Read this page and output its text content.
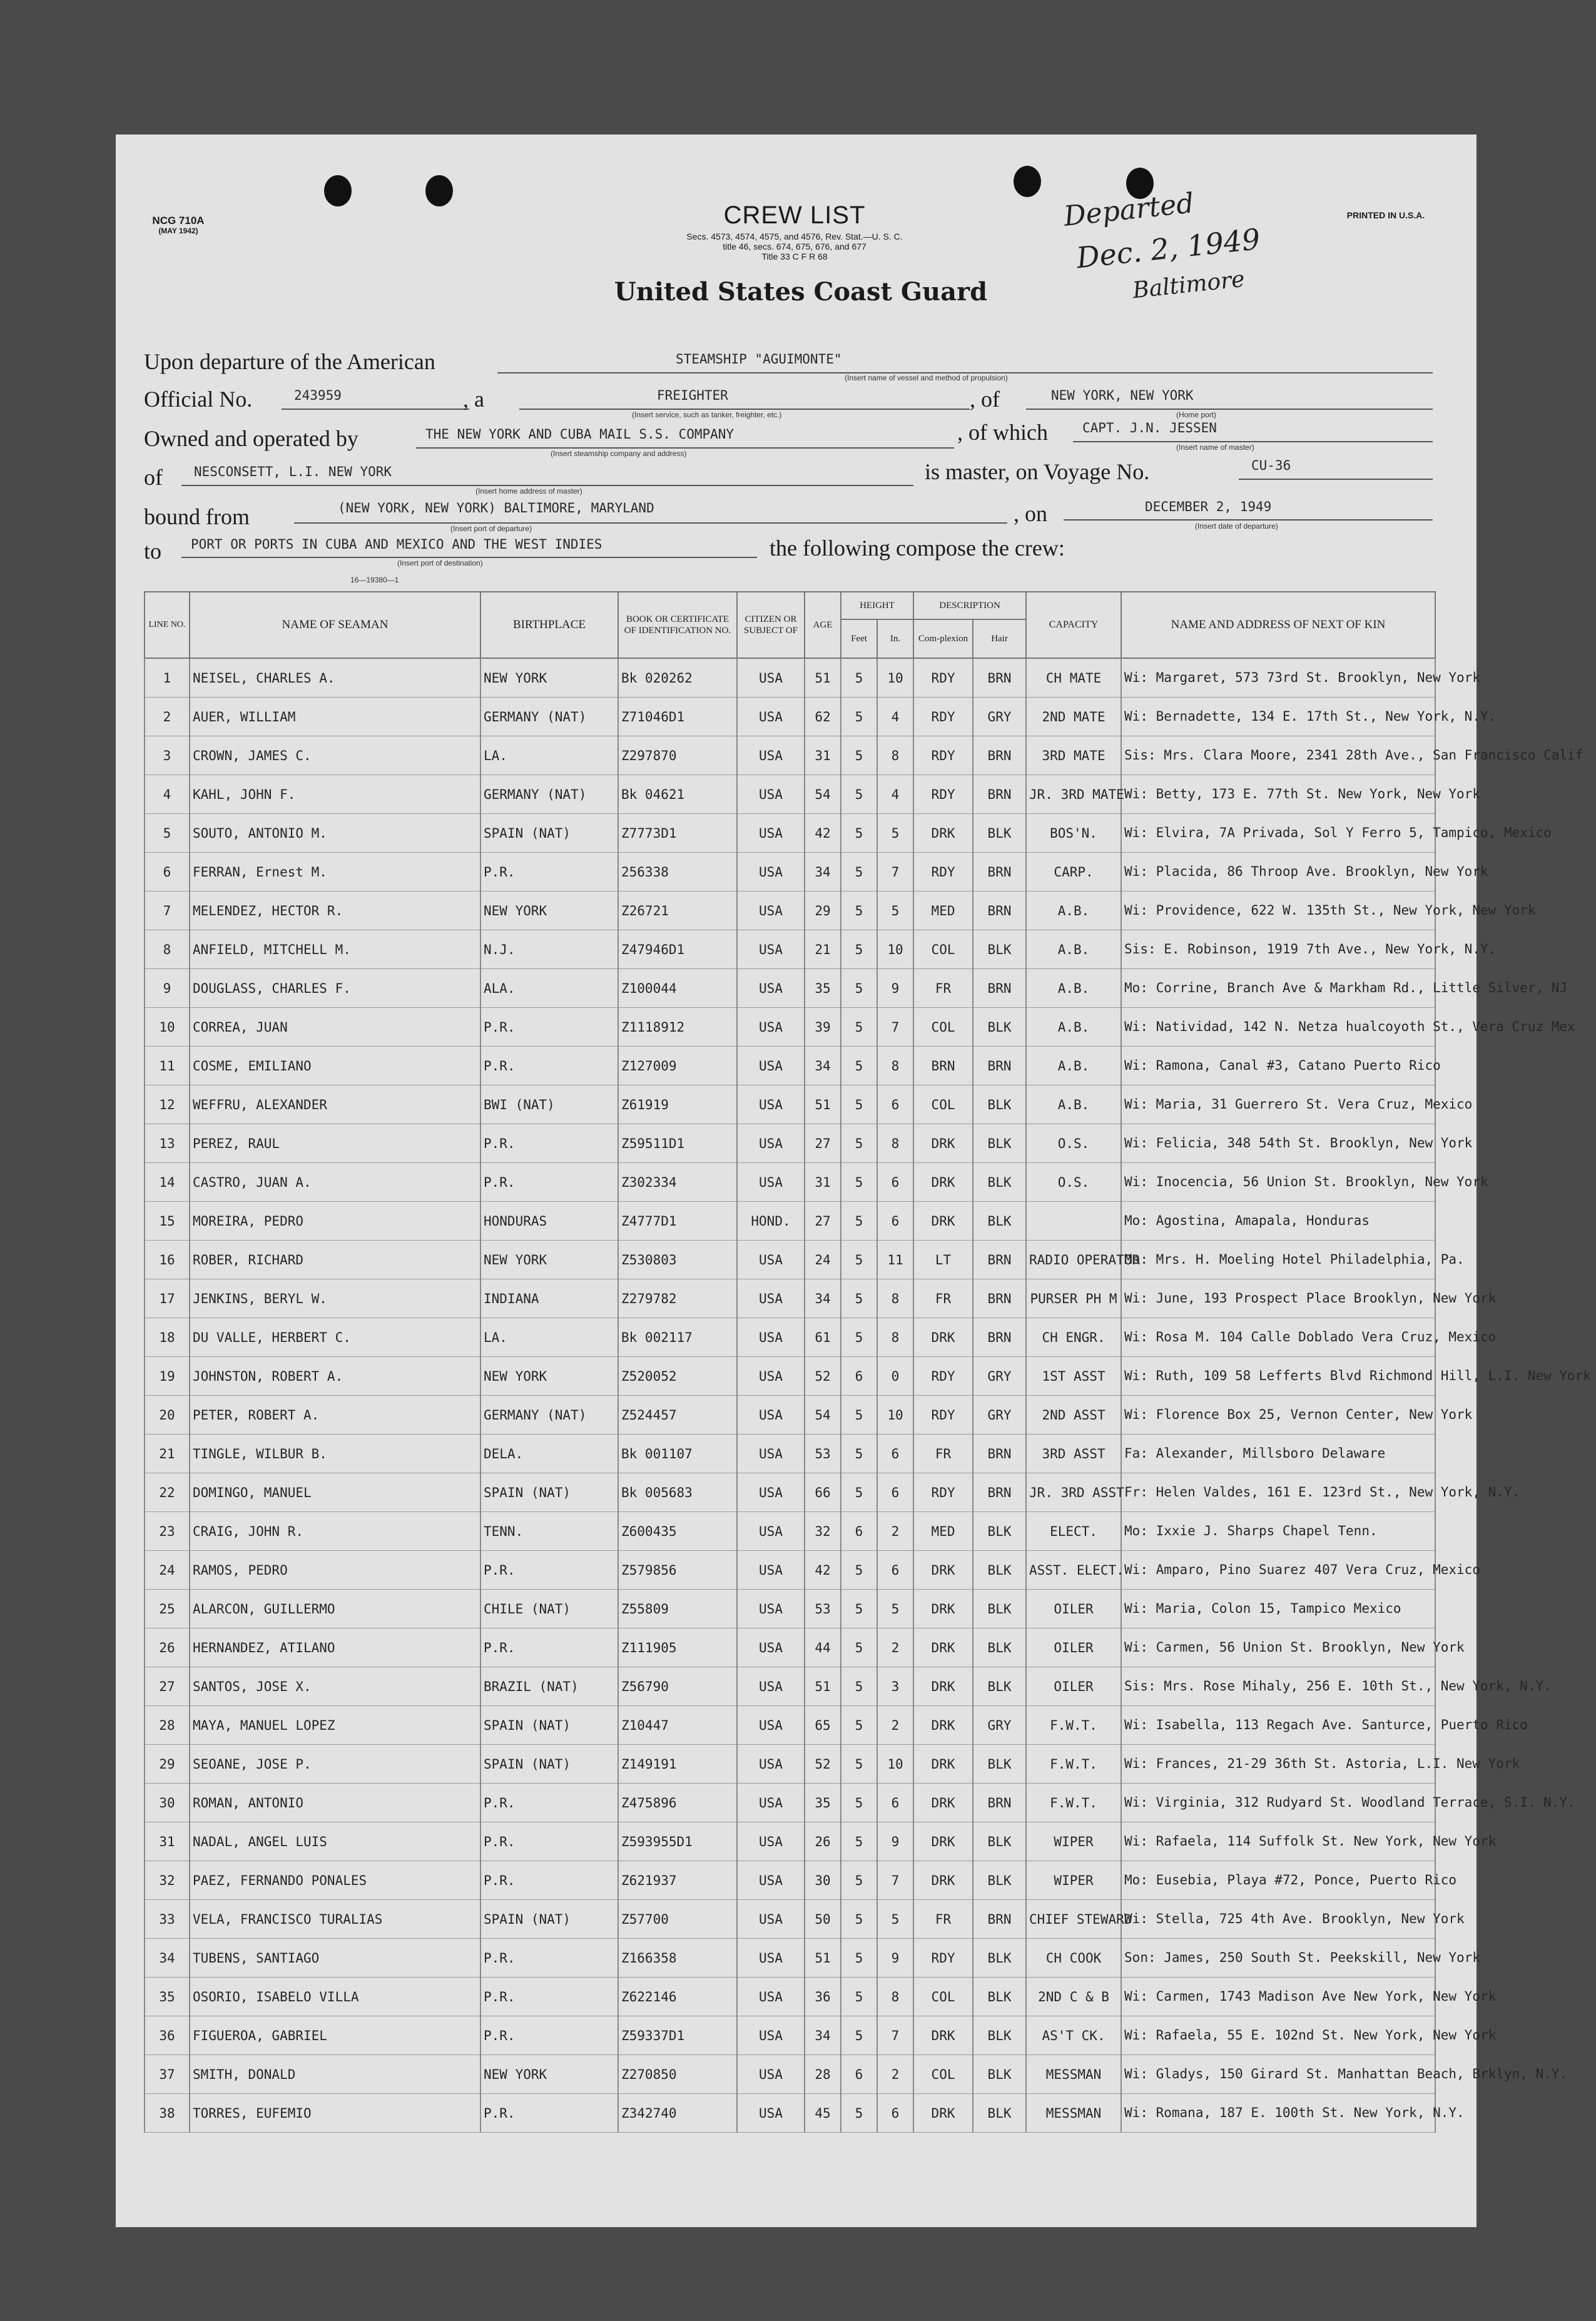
NCG 710A
(MAY 1942)
PRINTED IN U.S.A.
CREW LIST
Secs. 4573, 4574, 4575, and 4576, Rev. Stat.—U. S. C.
title 46, secs. 674, 675, 676, and 677
Title 33 C F R 68
United States Coast Guard
Departed
Dec. 2, 1949
Baltimore
Upon departure of the American	STEAMSHIP "AGUIMONTE"
(Insert name of vessel and method of propulsion)
Official No.	243959	, a	FREIGHTER
(Insert service, such as tanker, freighter, etc.)
, of	NEW YORK, NEW YORK
(Home port)
Owned and operated by	THE NEW YORK AND CUBA MAIL S.S. COMPANY
(Insert steamship company and address)
, of which	CAPT. J.N. JESSEN
(Insert name of master)
of NESCONSETT, L.I. NEW YORK
(Insert home address of master)
is master, on Voyage No.	CU-36
bound from	(NEW YORK, NEW YORK) BALTIMORE, MARYLAND
(Insert port of departure)
, on	DECEMBER 2, 1949
(Insert date of departure)
to PORT OR PORTS IN CUBA AND MEXICO AND THE WEST INDIES
(Insert port of destination)
16—19380—1
the following compose the crew:
LINE NO.	NAME OF SEAMAN	BIRTHPLACE	BOOK OR CERTIFICATE OF IDENTIFICATION NO.	CITIZEN OR SUBJECT OF	AGE	HEIGHT		DESCRIPTION		CAPACITY	NAME AND ADDRESS OF NEXT OF KIN
						Feet	In.	Com-plexion	Hair		
1	NEISEL, CHARLES A.	NEW YORK	Bk 020262	USA	51	5	10	RDY	BRN	CH MATE	Wi: Margaret, 573 73rd St. Brooklyn, New York
2	AUER, WILLIAM	GERMANY (NAT)	Z71046D1	USA	62	5	4	RDY	GRY	2ND MATE	Wi: Bernadette, 134 E. 17th St., New York, N.Y.
3	CROWN, JAMES C.	LA.	Z297870	USA	31	5	8	RDY	BRN	3RD MATE	Sis: Mrs. Clara Moore, 2341 28th Ave., San Francisco Calif
4	KAHL, JOHN F.	GERMANY (NAT)	Bk 04621	USA	54	5	4	RDY	BRN	JR. 3RD MATE	Wi: Betty, 173 E. 77th St. New York, New York
5	SOUTO, ANTONIO M.	SPAIN (NAT)	Z7773D1	USA	42	5	5	DRK	BLK	BOS'N.	Wi: Elvira, 7A Privada, Sol Y Ferro 5, Tampico, Mexico
6	FERRAN, Ernest M.	P.R.	256338	USA	34	5	7	RDY	BRN	CARP.	Wi: Placida, 86 Throop Ave. Brooklyn, New York
7	MELENDEZ, HECTOR R.	NEW YORK	Z26721	USA	29	5	5	MED	BRN	A.B.	Wi: Providence, 622 W. 135th St., New York, New York
8	ANFIELD, MITCHELL M.	N.J.	Z47946D1	USA	21	5	10	COL	BLK	A.B.	Sis: E. Robinson, 1919 7th Ave., New York, N.Y.
9	DOUGLASS, CHARLES F.	ALA.	Z100044	USA	35	5	9	FR	BRN	A.B.	Mo: Corrine, Branch Ave & Markham Rd., Little Silver, NJ
10	CORREA, JUAN	P.R.	Z1118912	USA	39	5	7	COL	BLK	A.B.	Wi: Natividad, 142 N. Netza hualcoyoth St., Vera Cruz Mex
11	COSME, EMILIANO	P.R.	Z127009	USA	34	5	8	BRN	BRN	A.B.	Wi: Ramona, Canal #3, Catano Puerto Rico
12	WEFFRU, ALEXANDER	BWI (NAT)	Z61919	USA	51	5	6	COL	BLK	A.B.	Wi: Maria, 31 Guerrero St. Vera Cruz, Mexico
13	PEREZ, RAUL	P.R.	Z59511D1	USA	27	5	8	DRK	BLK	O.S.	Wi: Felicia, 348 54th St. Brooklyn, New York
14	CASTRO, JUAN A.	P.R.	Z302334	USA	31	5	6	DRK	BLK	O.S.	Wi: Inocencia, 56 Union St. Brooklyn, New York
15	MOREIRA, PEDRO	HONDURAS	Z4777D1	HOND.	27	5	6	DRK	BLK		Mo: Agostina, Amapala, Honduras
16	ROBER, RICHARD	NEW YORK	Z530803	USA	24	5	11	LT	BRN	RADIO OPERATOR	Mo: Mrs. H. Moeling Hotel Philadelphia, Pa.
17	JENKINS, BERYL W.	INDIANA	Z279782	USA	34	5	8	FR	BRN	PURSER PH M	Wi: June, 193 Prospect Place Brooklyn, New York
18	DU VALLE, HERBERT C.	LA.	Bk 002117	USA	61	5	8	DRK	BRN	CH ENGR.	Wi: Rosa M. 104 Calle Doblado Vera Cruz, Mexico
19	JOHNSTON, ROBERT A.	NEW YORK	Z520052	USA	52	6	0	RDY	GRY	1ST ASST	Wi: Ruth, 109 58 Lefferts Blvd Richmond Hill, L.I. New York
20	PETER, ROBERT A.	GERMANY (NAT)	Z524457	USA	54	5	10	RDY	GRY	2ND ASST	Wi: Florence Box 25, Vernon Center, New York
21	TINGLE, WILBUR B.	DELA.	Bk 001107	USA	53	5	6	FR	BRN	3RD ASST	Fa: Alexander, Millsboro Delaware
22	DOMINGO, MANUEL	SPAIN (NAT)	Bk 005683	USA	66	5	6	RDY	BRN	JR. 3RD ASST	Fr: Helen Valdes, 161 E. 123rd St., New York, N.Y.
23	CRAIG, JOHN R.	TENN.	Z600435	USA	32	6	2	MED	BLK	ELECT.	Mo: Ixxie J. Sharps Chapel Tenn.
24	RAMOS, PEDRO	P.R.	Z579856	USA	42	5	6	DRK	BLK	ASST. ELECT.	Wi: Amparo, Pino Suarez 407 Vera Cruz, Mexico
25	ALARCON, GUILLERMO	CHILE (NAT)	Z55809	USA	53	5	5	DRK	BLK	OILER	Wi: Maria, Colon 15, Tampico Mexico
26	HERNANDEZ, ATILANO	P.R.	Z111905	USA	44	5	2	DRK	BLK	OILER	Wi: Carmen, 56 Union St. Brooklyn, New York
27	SANTOS, JOSE X.	BRAZIL (NAT)	Z56790	USA	51	5	3	DRK	BLK	OILER	Sis: Mrs. Rose Mihaly, 256 E. 10th St., New York, N.Y.
28	MAYA, MANUEL LOPEZ	SPAIN (NAT)	Z10447	USA	65	5	2	DRK	GRY	F.W.T.	Wi: Isabella, 113 Regach Ave. Santurce, Puerto Rico
29	SEOANE, JOSE P.	SPAIN (NAT)	Z149191	USA	52	5	10	DRK	BLK	F.W.T.	Wi: Frances, 21-29 36th St. Astoria, L.I. New York
30	ROMAN, ANTONIO	P.R.	Z475896	USA	35	5	6	DRK	BRN	F.W.T.	Wi: Virginia, 312 Rudyard St. Woodland Terrace, S.I. N.Y.
31	NADAL, ANGEL LUIS	P.R.	Z593955D1	USA	26	5	9	DRK	BLK	WIPER	Wi: Rafaela, 114 Suffolk St. New York, New York
32	PAEZ, FERNANDO PONALES	P.R.	Z621937	USA	30	5	7	DRK	BLK	WIPER	Mo: Eusebia, Playa #72, Ponce, Puerto Rico
33	VELA, FRANCISCO TURALIAS	SPAIN (NAT)	Z57700	USA	50	5	5	FR	BRN	CHIEF STEWARD	Wi: Stella, 725 4th Ave. Brooklyn, New York
34	TUBENS, SANTIAGO	P.R.	Z166358	USA	51	5	9	RDY	BLK	CH COOK	Son: James, 250 South St. Peekskill, New York
35	OSORIO, ISABELO VILLA	P.R.	Z622146	USA	36	5	8	COL	BLK	2ND C & B	Wi: Carmen, 1743 Madison Ave New York, New York
36	FIGUEROA, GABRIEL	P.R.	Z59337D1	USA	34	5	7	DRK	BLK	AS'T CK.	Wi: Rafaela, 55 E. 102nd St. New York, New York
37	SMITH, DONALD	NEW YORK	Z270850	USA	28	6	2	COL	BLK	MESSMAN	Wi: Gladys, 150 Girard St. Manhattan Beach, Brklyn, N.Y.
38	TORRES, EUFEMIO	P.R.	Z342740	USA	45	5	6	DRK	BLK	MESSMAN	Wi: Romana, 187 E. 100th St. New York, N.Y.
